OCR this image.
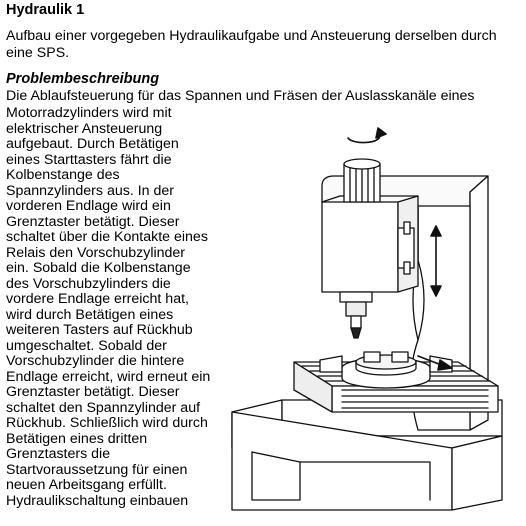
Hydraulik 1

Aufbau einer vorgegeben Hydraulikaufgabe und Ansteuerung derselben durch
eine SPS.

Problembeschreibung

Die Ablaufsteuerung für das Spannen und Fräsen der Auslasskanäle eines

Motorradzylinders wird mit
elektrischer Ansteuerung
aufgebaut. Durch Betätigen
eines Starttasters fährt die
Kolbenstange des
Spannzylinders aus. In der
vorderen Endlage wird ein
Grenztaster betätigt. Dieser
schaltet über die Kontakte eines
Relais den Vorschubzylinder
ein. Sobald die Kolbenstange
des Vorschubzylinders die
vordere Endlage erreicht hat,
wird durch Betätigen eines
weiteren Tasters auf Rückhub
umgeschaltet. Sobald der
Vorschubzylinder die hintere
Endlage erreicht, wird erneut ein
Grenztaster betätigt. Dieser
schaltet den Spannzylinder auf
Rückhub. Schließlich wird durch
Betätigen eines dritten
Grenztasters die
Startvoraussetzung für einen
neuen Arbeitsgang erfüllt.
Hydraulikschaltung einbauen
